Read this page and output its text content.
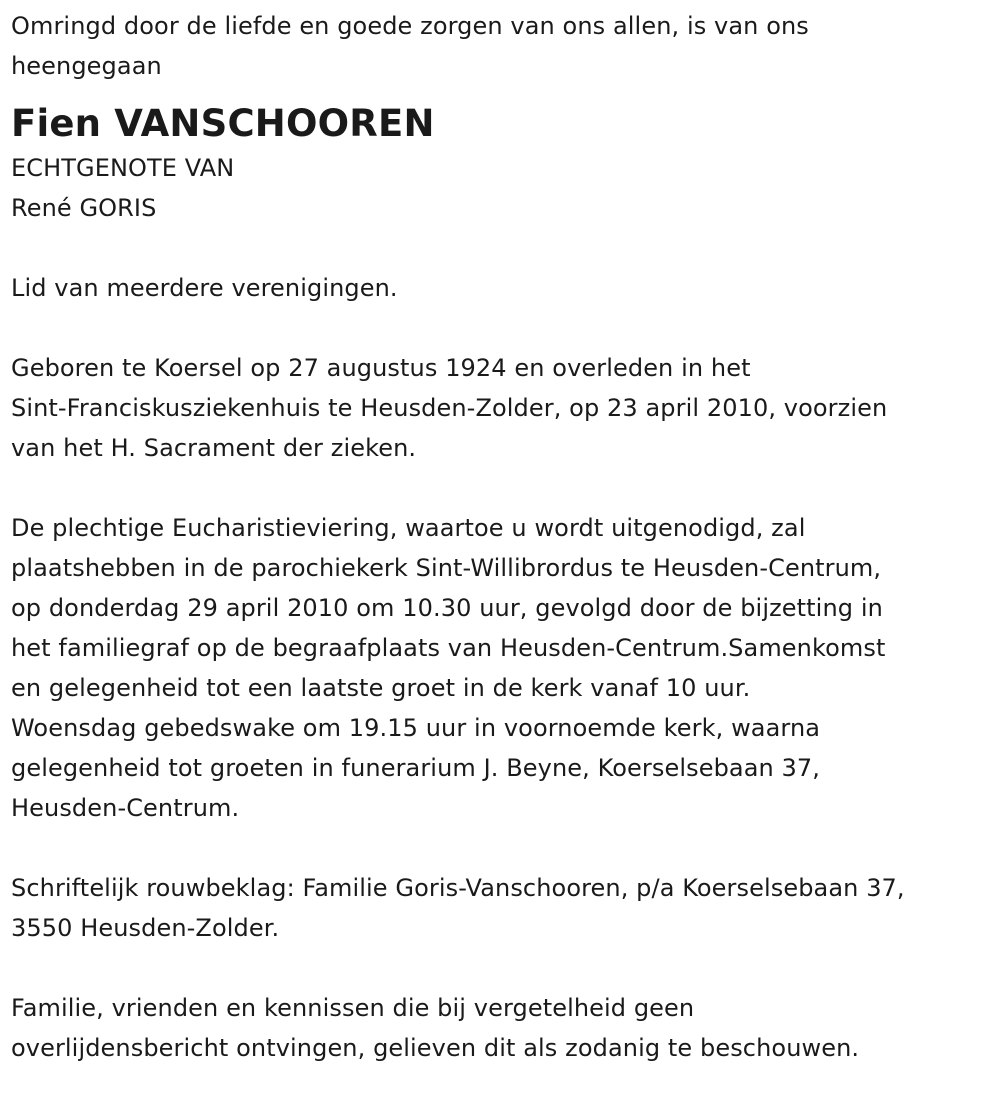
Omringd door de liefde en goede zorgen van ons allen, is van ons

heengegaan

Fien VANSCHOOREN

ECHTGENOTE VAN

René GORIS

Lid van meerdere verenigingen.

Geboren te Koersel op 27 augustus 1924 en overleden in het

Sint-Franciskusziekenhuis te Heusden-Zolder, op 23 april 2010, voorzien

van het H. Sacrament der zieken.

De plechtige Eucharistieviering, waartoe u wordt uitgenodigd, zal

plaatshebben in de parochiekerk Sint-Willibrordus te Heusden-Centrum,

op donderdag 29 april 2010 om 10.30 uur, gevolgd door de bijzetting in

het familiegraf op de begraafplaats van Heusden-Centrum.Samenkomst

en gelegenheid tot een laatste groet in de kerk vanaf 10 uur.

Woensdag gebedswake om 19.15 uur in voornoemde kerk, waarna

gelegenheid tot groeten in funerarium J. Beyne, Koerselsebaan 37,

Heusden-Centrum.

Schriftelijk rouwbeklag: Familie Goris-Vanschooren, p/a Koerselsebaan 37,

3550 Heusden-Zolder.

Familie, vrienden en kennissen die bij vergetelheid geen

overlijdensbericht ontvingen, gelieven dit als zodanig te beschouwen.
